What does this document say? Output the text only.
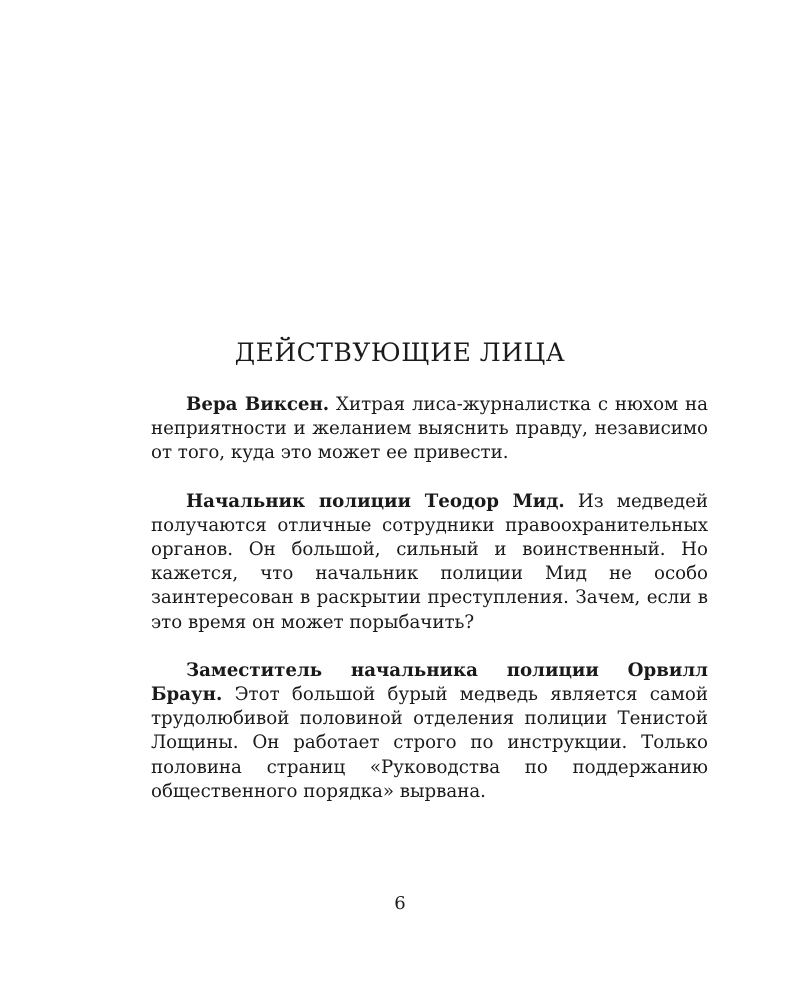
ДЕЙСТВУЮЩИЕ ЛИЦА

Вера Виксен. Хитрая лиса-журналистка с нюхом на неприятности и желанием выяснить правду, независимо от того, куда это может ее привести.

Начальник полиции Теодор Мид. Из медведей получаются отличные сотрудники правоохранительных органов. Он большой, сильный и воинственный. Но кажется, что начальник полиции Мид не особо заинтересован в раскрытии преступления. Зачем, если в это время он может порыбачить?

Заместитель начальника полиции Орвилл Браун. Этот большой бурый медведь является самой трудолюбивой половиной отделения полиции Тенистой Лощины. Он работает строго по инструкции. Только половина страниц «Руководства по поддержанию общественного порядка» вырвана.

6
